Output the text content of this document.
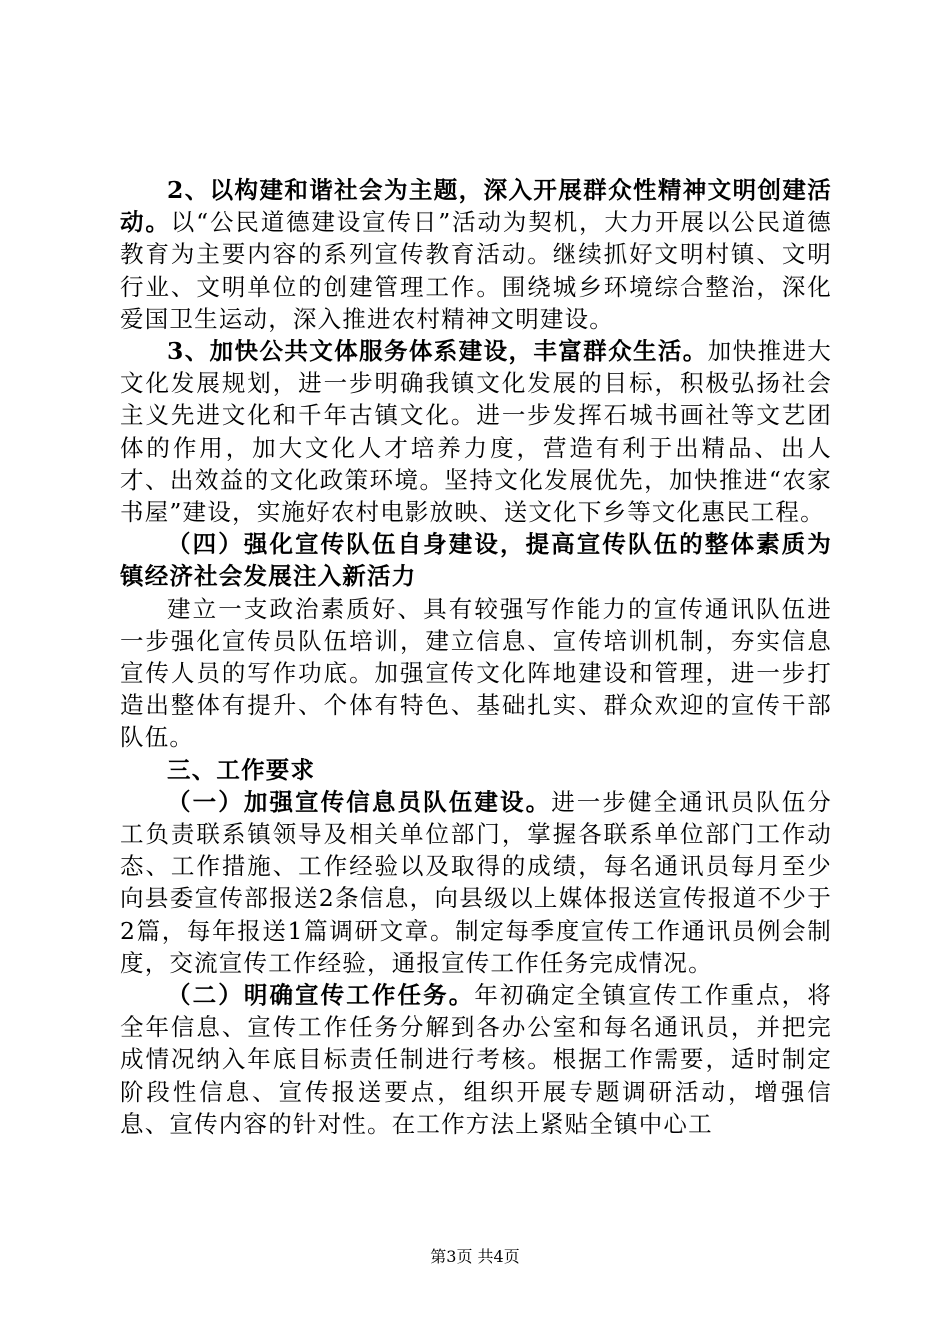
2、以构建和谐社会为主题，深入开展群众性精神文明创建活动。以“公民道德建设宣传日”活动为契机，大力开展以公民道德教育为主要内容的系列宣传教育活动。继续抓好文明村镇、文明行业、文明单位的创建管理工作。围绕城乡环境综合整治，深化爱国卫生运动，深入推进农村精神文明建设。

3、加快公共文体服务体系建设，丰富群众生活。加快推进大文化发展规划，进一步明确我镇文化发展的目标，积极弘扬社会主义先进文化和千年古镇文化。进一步发挥石城书画社等文艺团体的作用，加大文化人才培养力度，营造有利于出精品、出人才、出效益的文化政策环境。坚持文化发展优先，加快推进“农家书屋”建设，实施好农村电影放映、送文化下乡等文化惠民工程。

（四）强化宣传队伍自身建设，提高宣传队伍的整体素质为镇经济社会发展注入新活力

建立一支政治素质好、具有较强写作能力的宣传通讯队伍进一步强化宣传员队伍培训，建立信息、宣传培训机制，夯实信息宣传人员的写作功底。加强宣传文化阵地建设和管理，进一步打造出整体有提升、个体有特色、基础扎实、群众欢迎的宣传干部队伍。

三、工作要求

（一）加强宣传信息员队伍建设。进一步健全通讯员队伍分工负责联系镇领导及相关单位部门，掌握各联系单位部门工作动态、工作措施、工作经验以及取得的成绩，每名通讯员每月至少向县委宣传部报送2条信息，向县级以上媒体报送宣传报道不少于2篇，每年报送1篇调研文章。制定每季度宣传工作通讯员例会制度，交流宣传工作经验，通报宣传工作任务完成情况。

（二）明确宣传工作任务。年初确定全镇宣传工作重点，将全年信息、宣传工作任务分解到各办公室和每名通讯员，并把完成情况纳入年底目标责任制进行考核。根据工作需要，适时制定阶段性信息、宣传报送要点，组织开展专题调研活动，增强信息、宣传内容的针对性。在工作方法上紧贴全镇中心工

第3页 共4页
